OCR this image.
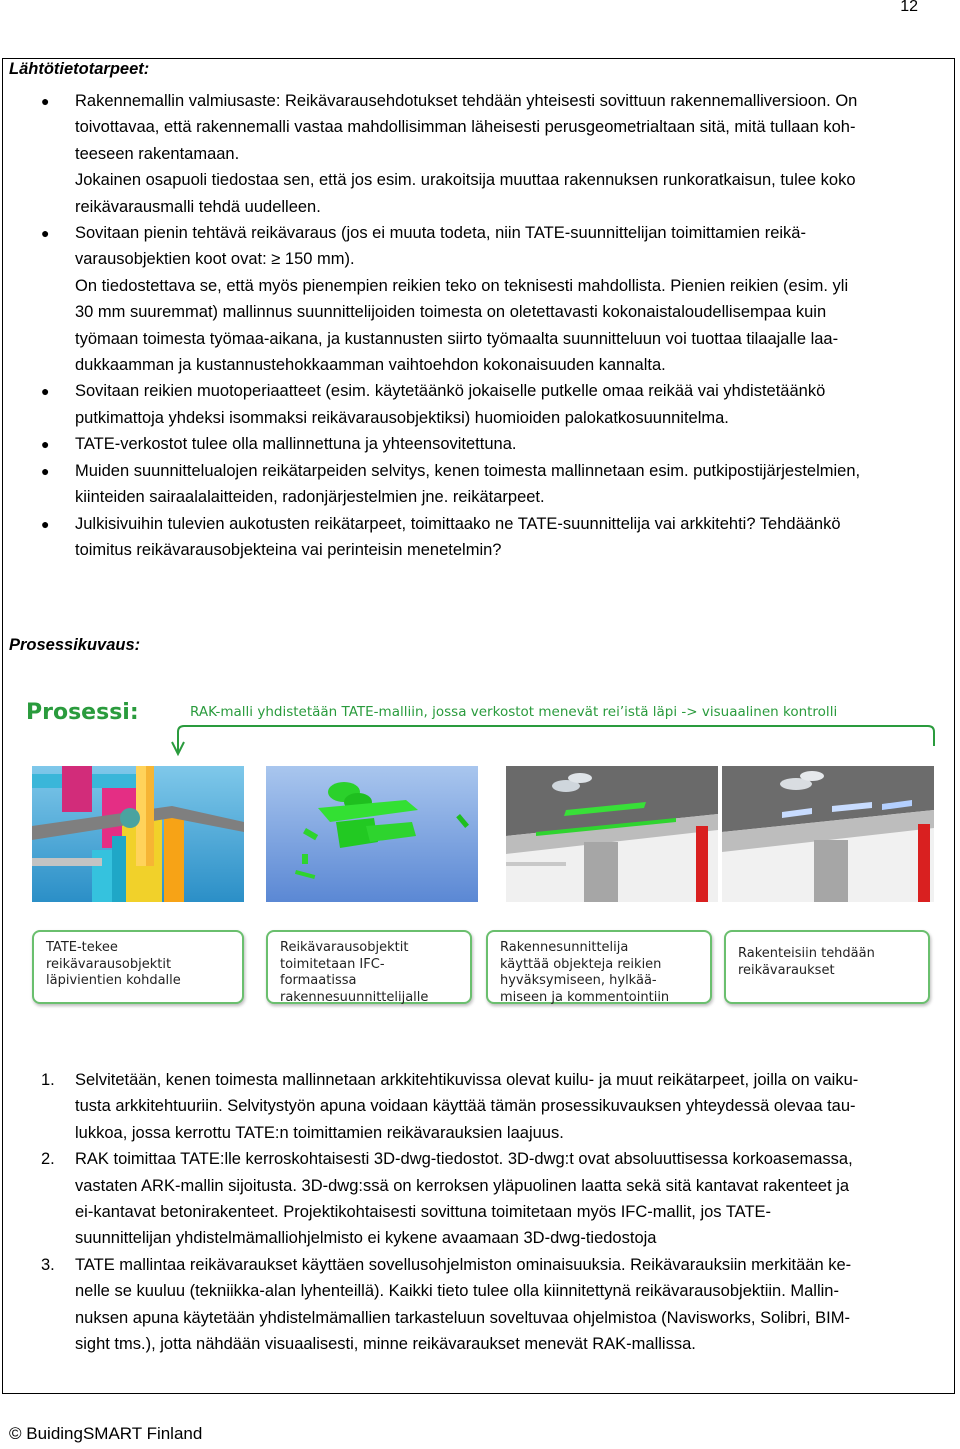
12
Lähtötietotarpeet:
● Rakennemallin valmiusaste: Reikävarausehdotukset tehdään yhteisesti sovittuun rakennemalliversioon. On
toivottavaa, että rakennemalli vastaa mahdollisimman läheisesti perusgeometrialtaan sitä, mitä tullaan koh-
teeseen rakentamaan.
Jokainen osapuoli tiedostaa sen, että jos esim. urakoitsija muuttaa rakennuksen runkoratkaisun, tulee koko
reikävarausmalli tehdä uudelleen.
● Sovitaan pienin tehtävä reikävaraus (jos ei muuta todeta, niin TATE-suunnittelijan toimittamien reikä-
varausobjektien koot ovat: ≥ 150 mm).
On tiedostettava se, että myös pienempien reikien teko on teknisesti mahdollista. Pienien reikien (esim. yli
30 mm suuremmat) mallinnus suunnittelijoiden toimesta on oletettavasti kokonaistaloudellisempaa kuin
työmaan toimesta työmaa-aikana, ja kustannusten siirto työmaalta suunnitteluun voi tuottaa tilaajalle laa-
dukkaamman ja kustannustehokkaamman vaihtoehdon kokonaisuuden kannalta.
● Sovitaan reikien muotoperiaatteet (esim. käytetäänkö jokaiselle putkelle omaa reikää vai yhdistetäänkö
putkimattoja yhdeksi isommaksi reikävarausobjektiksi) huomioiden palokatkosuunnitelma.
● TATE-verkostot tulee olla mallinnettuna ja yhteensovitettuna.
● Muiden suunnittelualojen reikätarpeiden selvitys, kenen toimesta mallinnetaan esim. putkipostijärjestelmien,
kiinteiden sairaalalaitteiden, radonjärjestelmien jne. reikätarpeet.
● Julkisivuihin tulevien aukotusten reikätarpeet, toimittaako ne TATE-suunnittelija vai arkkitehti? Tehdäänkö
toimitus reikävarausobjekteina vai perinteisin menetelmin?
Prosessikuvaus:
Prosessi:	RAK-malli yhdistetään TATE-malliin, jossa verkostot menevät rei’istä läpi -> visuaalinen kontrolli
TATE-tekee
reikävarausobjektit
läpivientien kohdalle
Reikävarausobjektit
toimitetaan IFC-
formaatissa
rakennesuunnittelijalle
Rakennesunnittelija
käyttää objekteja reikien
hyväksymiseen, hylkää-
miseen ja kommentointiin
Rakenteisiin tehdään
reikävaraukset
1. Selvitetään, kenen toimesta mallinnetaan arkkitehtikuvissa olevat kuilu- ja muut reikätarpeet, joilla on vaiku-
tusta arkkitehtuuriin. Selvitystyön apuna voidaan käyttää tämän prosessikuvauksen yhteydessä olevaa tau-
lukkoa, jossa kerrottu TATE:n toimittamien reikävarauksien laajuus.
2. RAK toimittaa TATE:lle kerroskohtaisesti 3D-dwg-tiedostot. 3D-dwg:t ovat absoluuttisessa korkoasemassa,
vastaten ARK-mallin sijoitusta. 3D-dwg:ssä on kerroksen yläpuolinen laatta sekä sitä kantavat rakenteet ja
ei-kantavat betonirakenteet. Projektikohtaisesti sovittuna toimitetaan myös IFC-mallit, jos TATE-
suunnittelijan yhdistelmämalliohjelmisto ei kykene avaamaan 3D-dwg-tiedostoja
3. TATE mallintaa reikävaraukset käyttäen sovellusohjelmiston ominaisuuksia. Reikävarauksiin merkitään ke-
nelle se kuuluu (tekniikka-alan lyhenteillä). Kaikki tieto tulee olla kiinnitettynä reikävarausobjektiin. Mallin-
nuksen apuna käytetään yhdistelmämallien tarkasteluun soveltuvaa ohjelmistoa (Navisworks, Solibri, BIM-
sight tms.), jotta nähdään visuaalisesti, minne reikävaraukset menevät RAK-mallissa.
© BuidingSMART Finland
